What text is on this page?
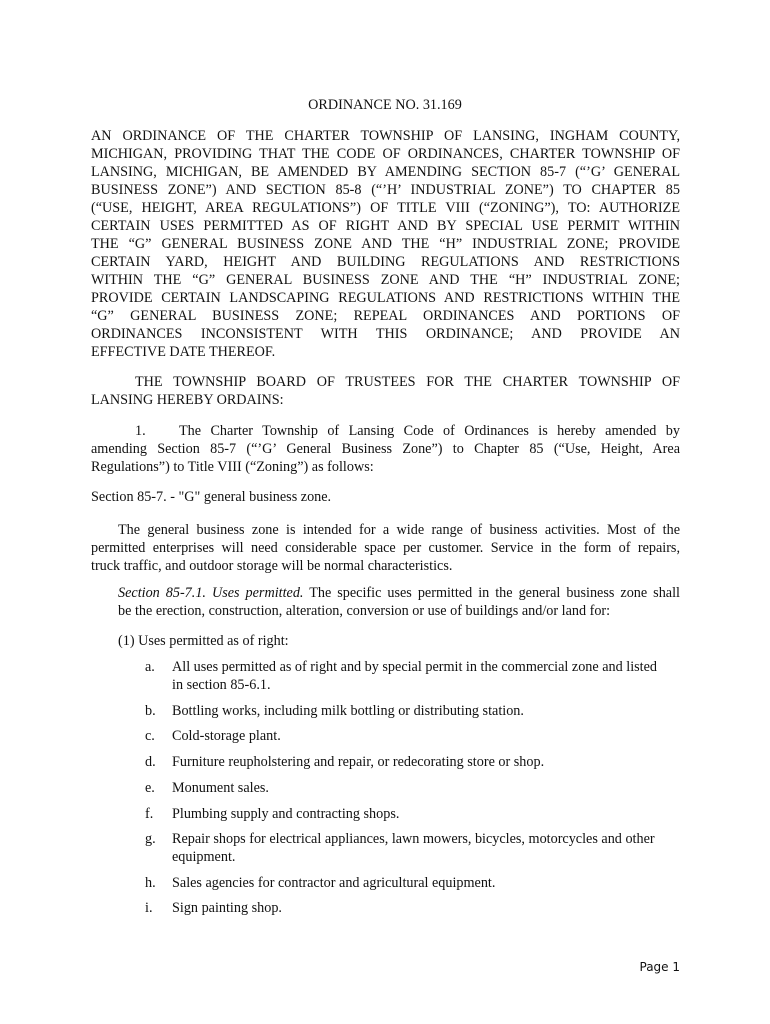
ORDINANCE NO. 31.169

AN ORDINANCE OF THE CHARTER TOWNSHIP OF LANSING, INGHAM COUNTY,
MICHIGAN, PROVIDING THAT THE CODE OF ORDINANCES, CHARTER TOWNSHIP OF
LANSING, MICHIGAN, BE AMENDED BY AMENDING SECTION 85-7 (“’G’ GENERAL
BUSINESS ZONE”) AND SECTION 85-8 (“’H’ INDUSTRIAL ZONE”) TO CHAPTER 85
(“USE, HEIGHT, AREA REGULATIONS”) OF TITLE VIII (“ZONING”), TO: AUTHORIZE
CERTAIN USES PERMITTED AS OF RIGHT AND BY SPECIAL USE PERMIT WITHIN
THE “G” GENERAL BUSINESS ZONE AND THE “H” INDUSTRIAL ZONE; PROVIDE
CERTAIN YARD, HEIGHT AND BUILDING REGULATIONS AND RESTRICTIONS
WITHIN THE “G” GENERAL BUSINESS ZONE AND THE “H” INDUSTRIAL ZONE;
PROVIDE CERTAIN LANDSCAPING REGULATIONS AND RESTRICTIONS WITHIN THE
“G” GENERAL BUSINESS ZONE; REPEAL ORDINANCES AND PORTIONS OF
ORDINANCES INCONSISTENT WITH THIS ORDINANCE; AND PROVIDE AN
EFFECTIVE DATE THEREOF.
THE TOWNSHIP BOARD OF TRUSTEES FOR THE CHARTER TOWNSHIP OF
LANSING HEREBY ORDAINS:
1. The Charter Township of Lansing Code of Ordinances is hereby amended by
amending Section 85-7 (“’G’ General Business Zone”) to Chapter 85 (“Use, Height, Area
Regulations”) to Title VIII (“Zoning”) as follows:

Section 85-7. - "G" general business zone.

The general business zone is intended for a wide range of business activities. Most of the
permitted enterprises will need considerable space per customer. Service in the form of repairs,
truck traffic, and outdoor storage will be normal characteristics.
Section 85-7.1. Uses permitted. The specific uses permitted in the general business zone shall
be the erection, construction, alteration, conversion or use of buildings and/or land for:

(1) Uses permitted as of right:

a.	All uses permitted as of right and by special permit in the commercial zone and listed
in section 85-6.1.
b.	Bottling works, including milk bottling or distributing station.
c.	Cold-storage plant.
d.	Furniture reupholstering and repair, or redecorating store or shop.
e.	Monument sales.
f.	Plumbing supply and contracting shops.
g.	Repair shops for electrical appliances, lawn mowers, bicycles, motorcycles and other
equipment.
h.	Sales agencies for contractor and agricultural equipment.
i.	Sign painting shop.

Page 1
